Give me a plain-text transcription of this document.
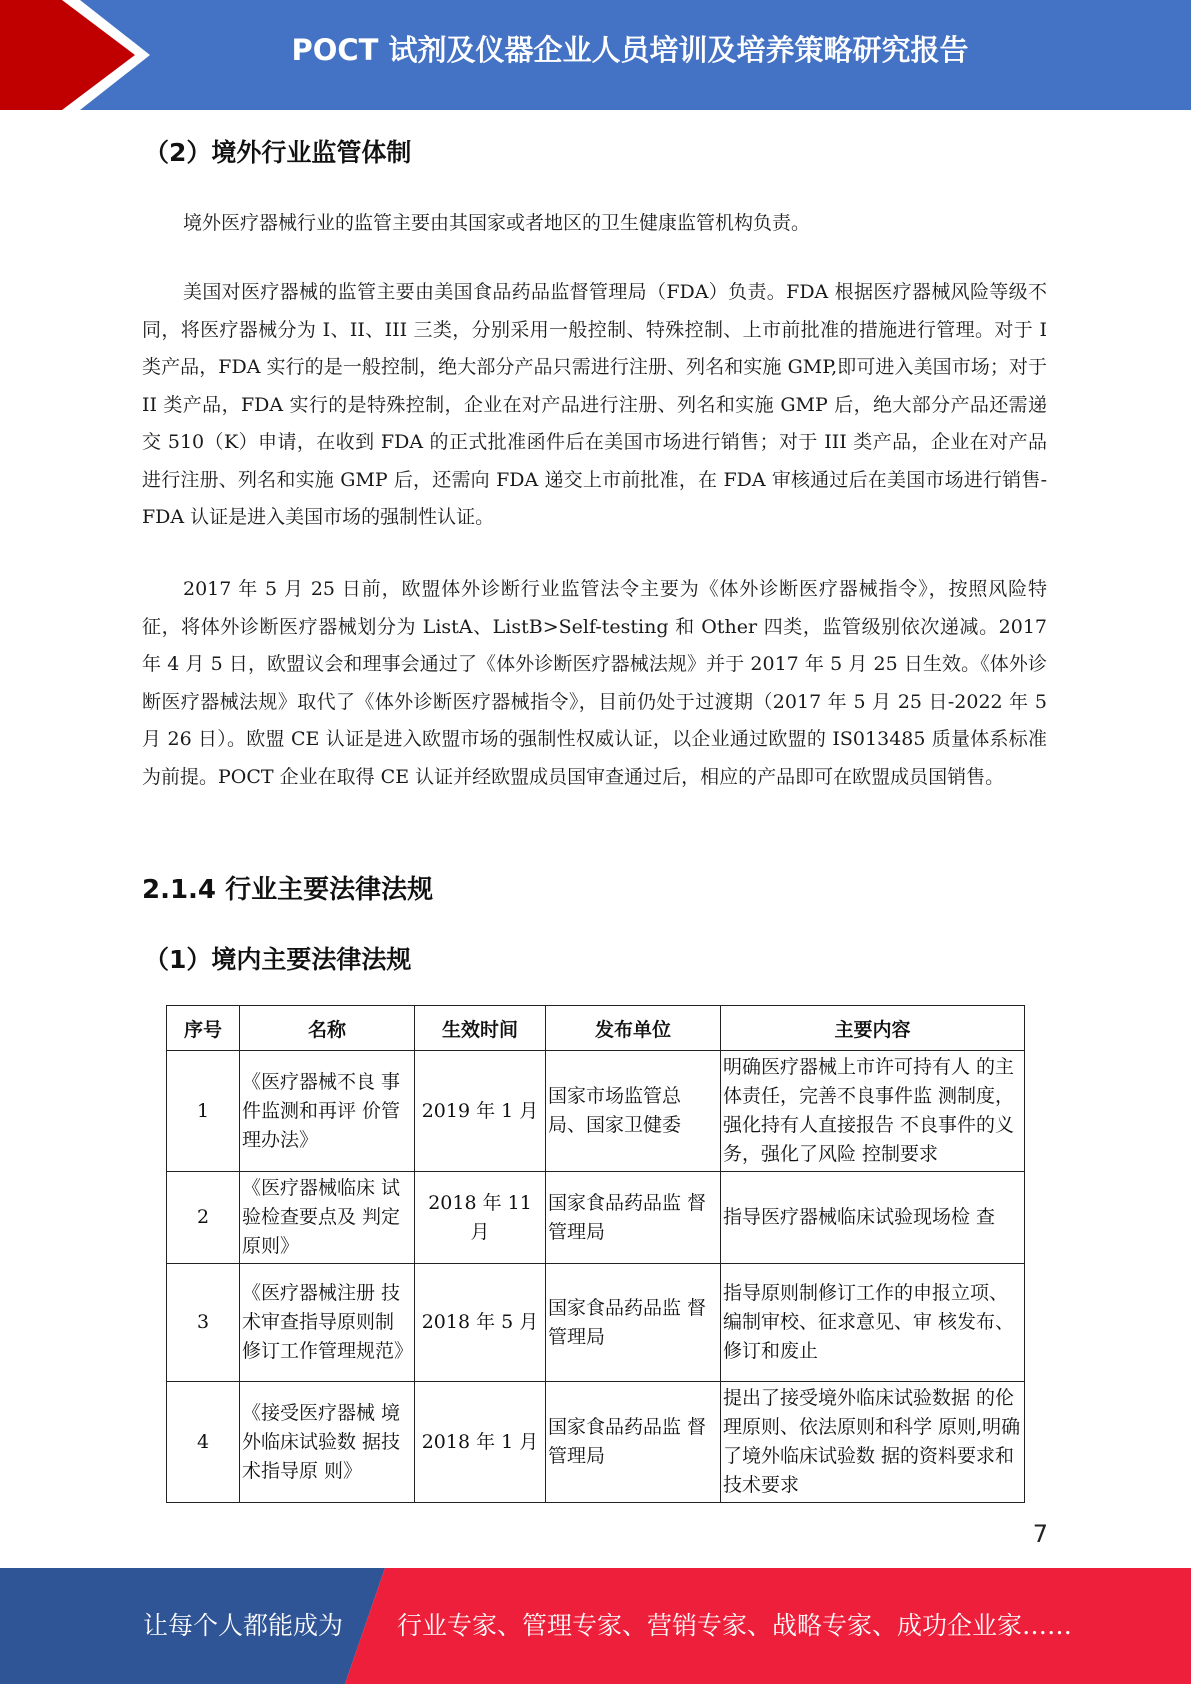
POCT 试剂及仪器企业人员培训及培养策略研究报告
（2）境外行业监管体制
境外医疗器械行业的监管主要由其国家或者地区的卫生健康监管机构负责。
美国对医疗器械的监管主要由美国食品药品监督管理局（FDA）负责。FDA 根据医疗器械风险等级不同，将医疗器械分为 I、II、III 三类，分别采用一般控制、特殊控制、上市前批准的措施进行管理。对于 I 类产品，FDA 实行的是一般控制，绝大部分产品只需进行注册、列名和实施 GMP,即可进入美国市场；对于 II 类产品，FDA 实行的是特殊控制，企业在对产品进行注册、列名和实施 GMP 后，绝大部分产品还需递交 510（K）申请，在收到 FDA 的正式批准函件后在美国市场进行销售；对于 III 类产品，企业在对产品进行注册、列名和实施 GMP 后，还需向 FDA 递交上市前批准，在 FDA 审核通过后在美国市场进行销售-FDA 认证是进入美国市场的强制性认证。
2017 年 5 月 25 日前，欧盟体外诊断行业监管法令主要为《体外诊断医疗器械指令》，按照风险特征，将体外诊断医疗器械划分为 ListA、ListB>Self-testing 和 Other 四类，监管级别依次递减。2017 年 4 月 5 日，欧盟议会和理事会通过了《体外诊断医疗器械法规》并于 2017 年 5 月 25 日生效。《体外诊断医疗器械法规》取代了《体外诊断医疗器械指令》，目前仍处于过渡期（2017 年 5 月 25 日-2022 年 5 月 26 日）。欧盟 CE 认证是进入欧盟市场的强制性权威认证，以企业通过欧盟的 IS013485 质量体系标准为前提。POCT 企业在取得 CE 认证并经欧盟成员国审查通过后，相应的产品即可在欧盟成员国销售。
2.1.4 行业主要法律法规
（1）境内主要法律法规
序号	名称	生效时间	发布单位	主要内容
1	《医疗器械不良 事件监测和再评 价管理办法》	2019 年 1 月	国家市场监管总局、国家卫健委	明确医疗器械上市许可持有人 的主体责任，完善不良事件监 测制度，强化持有人直接报告 不良事件的义务，强化了风险 控制要求
2	《医疗器械临床 试验检查要点及 判定原则》	2018 年 11 月	国家食品药品监 督管理局	指导医疗器械临床试验现场检 查
3	《医疗器械注册 技术审查指导原则制修订工作管理规范》	2018 年 5 月	国家食品药品监 督管理局	指导原则制修订工作的申报立项、编制审校、征求意见、审 核发布、修订和废止
4	《接受医疗器械 境外临床试验数 据技术指导原 则》	2018 年 1 月	国家食品药品监 督管理局	提出了接受境外临床试验数据 的伦理原则、依法原则和科学 原则,明确了境外临床试验数 据的资料要求和技术要求
7
让每个人都能成为 行业专家、管理专家、营销专家、战略专家、成功企业家……
